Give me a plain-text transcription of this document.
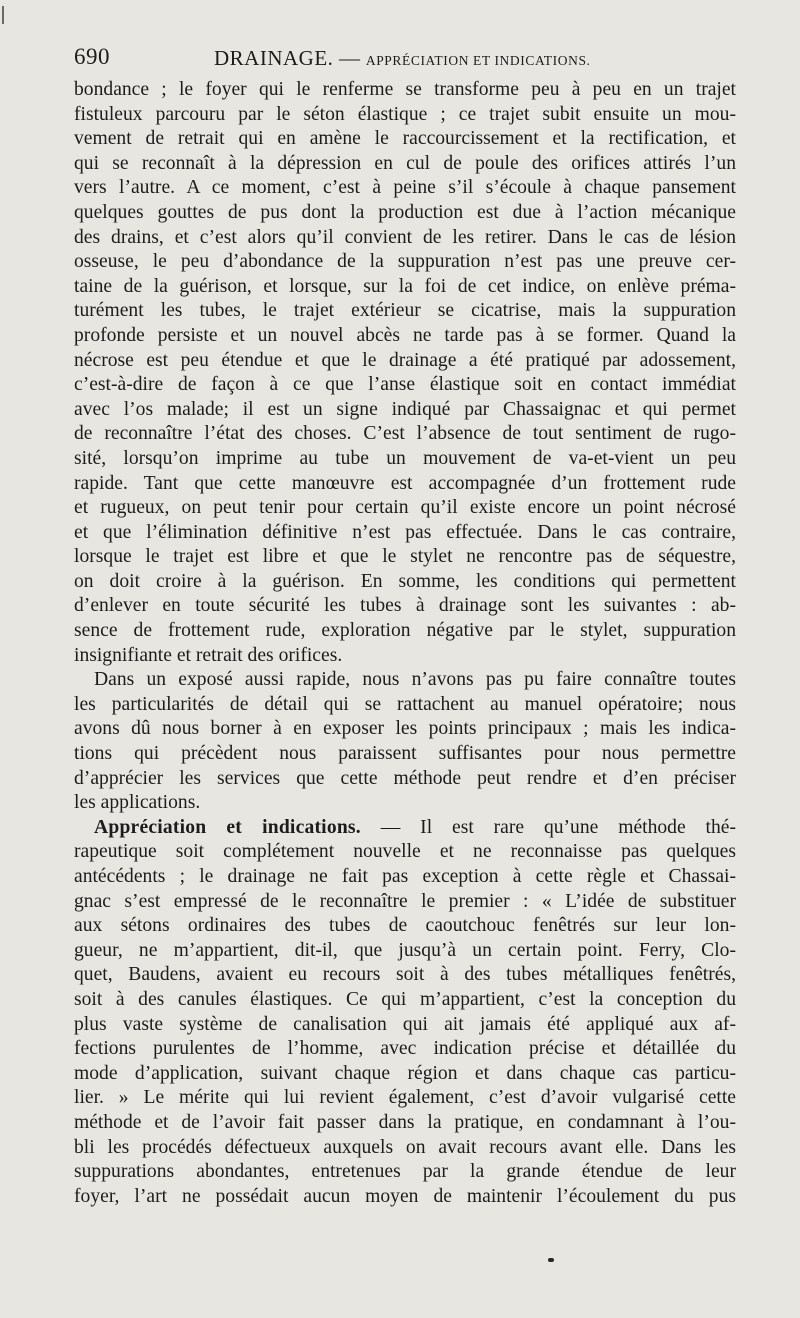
690	DRAINAGE. — APPRÉCIATION ET INDICATIONS.
bondance ; le foyer qui le renferme se transforme peu à peu en un trajet
fistuleux parcouru par le séton élastique ; ce trajet subit ensuite un mou-
vement de retrait qui en amène le raccourcissement et la rectification, et
qui se reconnaît à la dépression en cul de poule des orifices attirés l’un
vers l’autre. A ce moment, c’est à peine s’il s’écoule à chaque pansement
quelques gouttes de pus dont la production est due à l’action mécanique
des drains, et c’est alors qu’il convient de les retirer. Dans le cas de lésion
osseuse, le peu d’abondance de la suppuration n’est pas une preuve cer-
taine de la guérison, et lorsque, sur la foi de cet indice, on enlève préma-
turément les tubes, le trajet extérieur se cicatrise, mais la suppuration
profonde persiste et un nouvel abcès ne tarde pas à se former. Quand la
nécrose est peu étendue et que le drainage a été pratiqué par adossement,
c’est-à-dire de façon à ce que l’anse élastique soit en contact immédiat
avec l’os malade; il est un signe indiqué par Chassaignac et qui permet
de reconnaître l’état des choses. C’est l’absence de tout sentiment de rugo-
sité, lorsqu’on imprime au tube un mouvement de va-et-vient un peu
rapide. Tant que cette manœuvre est accompagnée d’un frottement rude
et rugueux, on peut tenir pour certain qu’il existe encore un point nécrosé
et que l’élimination définitive n’est pas effectuée. Dans le cas contraire,
lorsque le trajet est libre et que le stylet ne rencontre pas de séquestre,
on doit croire à la guérison. En somme, les conditions qui permettent
d’enlever en toute sécurité les tubes à drainage sont les suivantes : ab-
sence de frottement rude, exploration négative par le stylet, suppuration
insignifiante et retrait des orifices.
Dans un exposé aussi rapide, nous n’avons pas pu faire connaître toutes
les particularités de détail qui se rattachent au manuel opératoire; nous
avons dû nous borner à en exposer les points principaux ; mais les indica-
tions qui précèdent nous paraissent suffisantes pour nous permettre
d’apprécier les services que cette méthode peut rendre et d’en préciser
les applications.
Appréciation et indications. — Il est rare qu’une méthode thé-
rapeutique soit complétement nouvelle et ne reconnaisse pas quelques
antécédents ; le drainage ne fait pas exception à cette règle et Chassai-
gnac s’est empressé de le reconnaître le premier : « L’idée de substituer
aux sétons ordinaires des tubes de caoutchouc fenêtrés sur leur lon-
gueur, ne m’appartient, dit-il, que jusqu’à un certain point. Ferry, Clo-
quet, Baudens, avaient eu recours soit à des tubes métalliques fenêtrés,
soit à des canules élastiques. Ce qui m’appartient, c’est la conception du
plus vaste système de canalisation qui ait jamais été appliqué aux af-
fections purulentes de l’homme, avec indication précise et détaillée du
mode d’application, suivant chaque région et dans chaque cas particu-
lier. » Le mérite qui lui revient également, c’est d’avoir vulgarisé cette
méthode et de l’avoir fait passer dans la pratique, en condamnant à l’ou-
bli les procédés défectueux auxquels on avait recours avant elle. Dans les
suppurations abondantes, entretenues par la grande étendue de leur
foyer, l’art ne possédait aucun moyen de maintenir l’écoulement du pus
